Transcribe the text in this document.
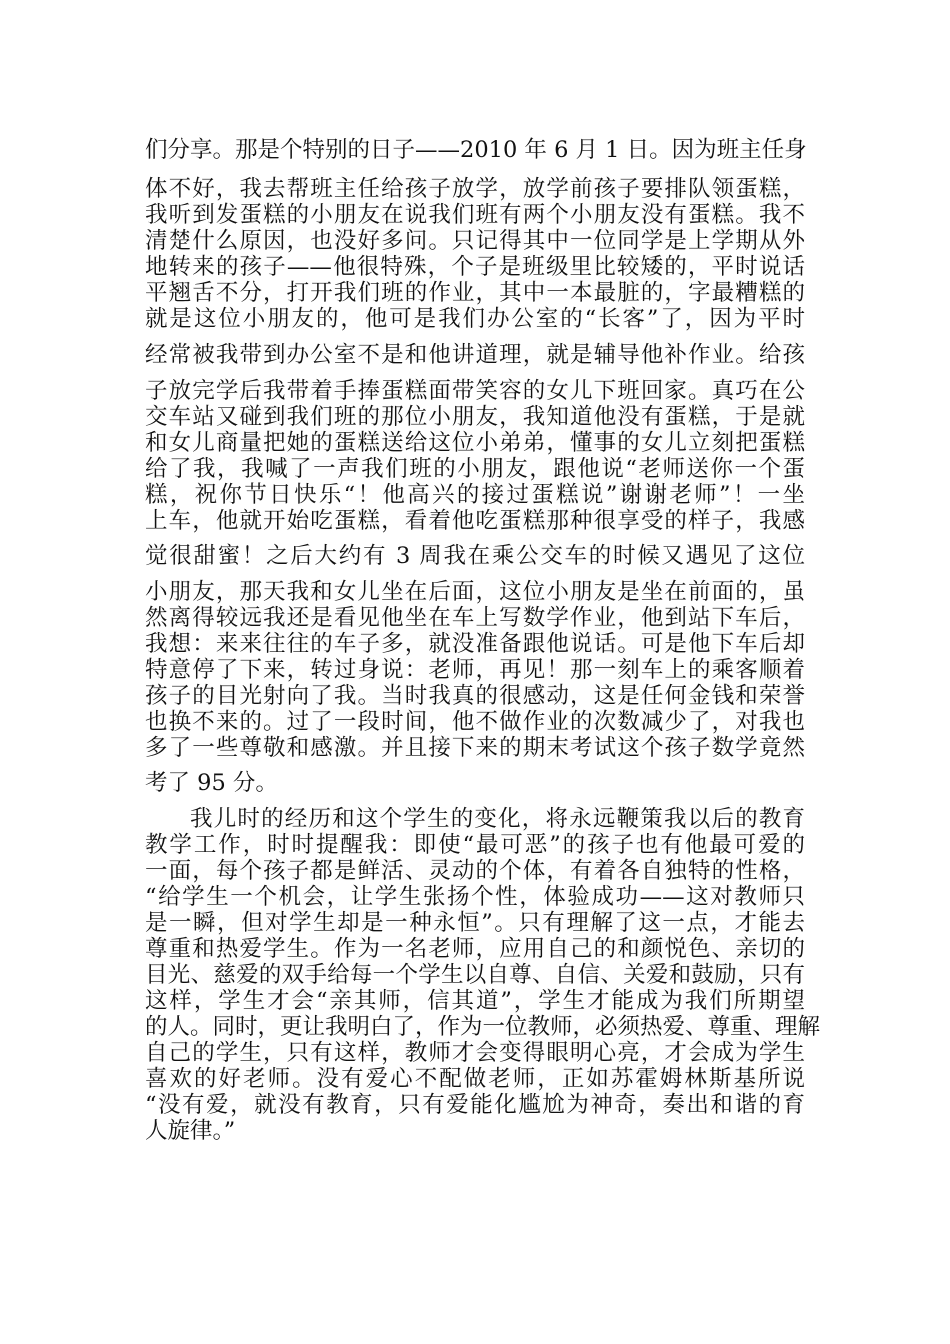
们分享。那是个特别的日子——2010 年 6 月 1 日。因为班主任身

体不好，我去帮班主任给孩子放学，放学前孩子要排队领蛋糕，

我听到发蛋糕的小朋友在说我们班有两个小朋友没有蛋糕。我不

清楚什么原因，也没好多问。只记得其中一位同学是上学期从外

地转来的孩子——他很特殊，个子是班级里比较矮的，平时说话

平翘舌不分，打开我们班的作业，其中一本最脏的，字最糟糕的

就是这位小朋友的，他可是我们办公室的“长客”了，因为平时

经常被我带到办公室不是和他讲道理，就是辅导他补作业。给孩

子放完学后我带着手捧蛋糕面带笑容的女儿下班回家。真巧在公

交车站又碰到我们班的那位小朋友，我知道他没有蛋糕，于是就

和女儿商量把她的蛋糕送给这位小弟弟，懂事的女儿立刻把蛋糕

给了我，我喊了一声我们班的小朋友，跟他说“老师送你一个蛋

糕，祝你节日快乐“！他高兴的接过蛋糕说”谢谢老师”！一坐

上车，他就开始吃蛋糕，看着他吃蛋糕那种很享受的样子，我感

觉很甜蜜！之后大约有 3 周我在乘公交车的时候又遇见了这位

小朋友，那天我和女儿坐在后面，这位小朋友是坐在前面的，虽

然离得较远我还是看见他坐在车上写数学作业，他到站下车后，

我想：来来往往的车子多，就没准备跟他说话。可是他下车后却

特意停了下来，转过身说：老师，再见！那一刻车上的乘客顺着

孩子的目光射向了我。当时我真的很感动，这是任何金钱和荣誉

也换不来的。过了一段时间，他不做作业的次数减少了，对我也

多了一些尊敬和感激。并且接下来的期末考试这个孩子数学竟然

考了 95 分。

我儿时的经历和这个学生的变化，将永远鞭策我以后的教育

教学工作，时时提醒我：即使“最可恶”的孩子也有他最可爱的

一面，每个孩子都是鲜活、灵动的个体，有着各自独特的性格，

“给学生一个机会，让学生张扬个性，体验成功——这对教师只

是一瞬，但对学生却是一种永恒”。只有理解了这一点，才能去

尊重和热爱学生。作为一名老师，应用自己的和颜悦色、亲切的

目光、慈爱的双手给每一个学生以自尊、自信、关爱和鼓励，只有

这样，学生才会“亲其师，信其道”，学生才能成为我们所期望

的人。同时，更让我明白了，作为一位教师，必须热爱、尊重、理解

自己的学生，只有这样，教师才会变得眼明心亮，才会成为学生

喜欢的好老师。没有爱心不配做老师，正如苏霍姆林斯基所说

“没有爱，就没有教育，只有爱能化尴尬为神奇，奏出和谐的育

人旋律。”
